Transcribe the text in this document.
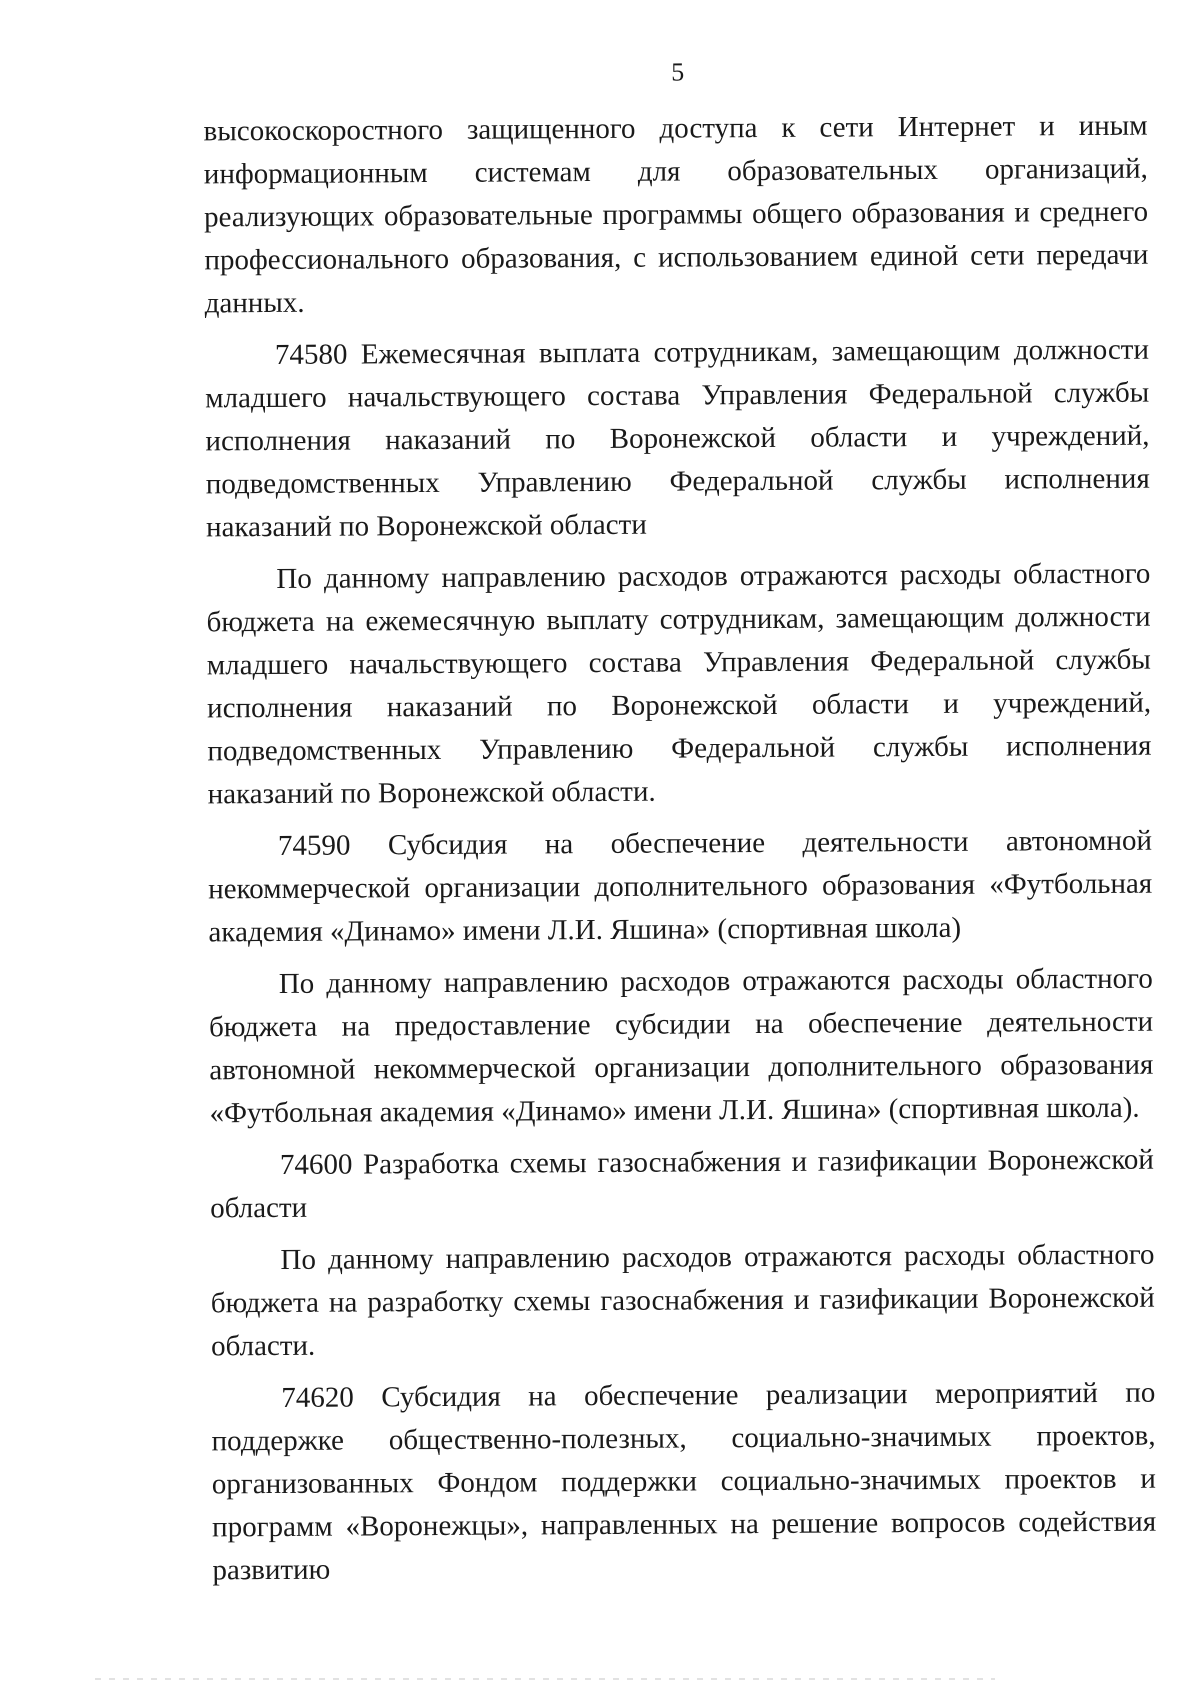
5

высокоскоростного защищенного доступа к сети Интернет и иным информационным системам для образовательных организаций, реализующих образовательные программы общего образования и среднего профессионального образования, с использованием единой сети передачи данных.

74580 Ежемесячная выплата сотрудникам, замещающим должности младшего начальствующего состава Управления Федеральной службы исполнения наказаний по Воронежской области и учреждений, подведомственных Управлению Федеральной службы исполнения наказаний по Воронежской области

По данному направлению расходов отражаются расходы областного бюджета на ежемесячную выплату сотрудникам, замещающим должности младшего начальствующего состава Управления Федеральной службы исполнения наказаний по Воронежской области и учреждений, подведомственных Управлению Федеральной службы исполнения наказаний по Воронежской области.

74590 Субсидия на обеспечение деятельности автономной некоммерческой организации дополнительного образования «Футбольная академия «Динамо» имени Л.И. Яшина» (спортивная школа)

По данному направлению расходов отражаются расходы областного бюджета на предоставление субсидии на обеспечение деятельности автономной некоммерческой организации дополнительного образования «Футбольная академия «Динамо» имени Л.И. Яшина» (спортивная школа).

74600 Разработка схемы газоснабжения и газификации Воронежской области

По данному направлению расходов отражаются расходы областного бюджета на разработку схемы газоснабжения и газификации Воронежской области.

74620 Субсидия на обеспечение реализации мероприятий по поддержке общественно-полезных, социально-значимых проектов, организованных Фондом поддержки социально-значимых проектов и программ «Воронежцы», направленных на решение вопросов содействия развитию
